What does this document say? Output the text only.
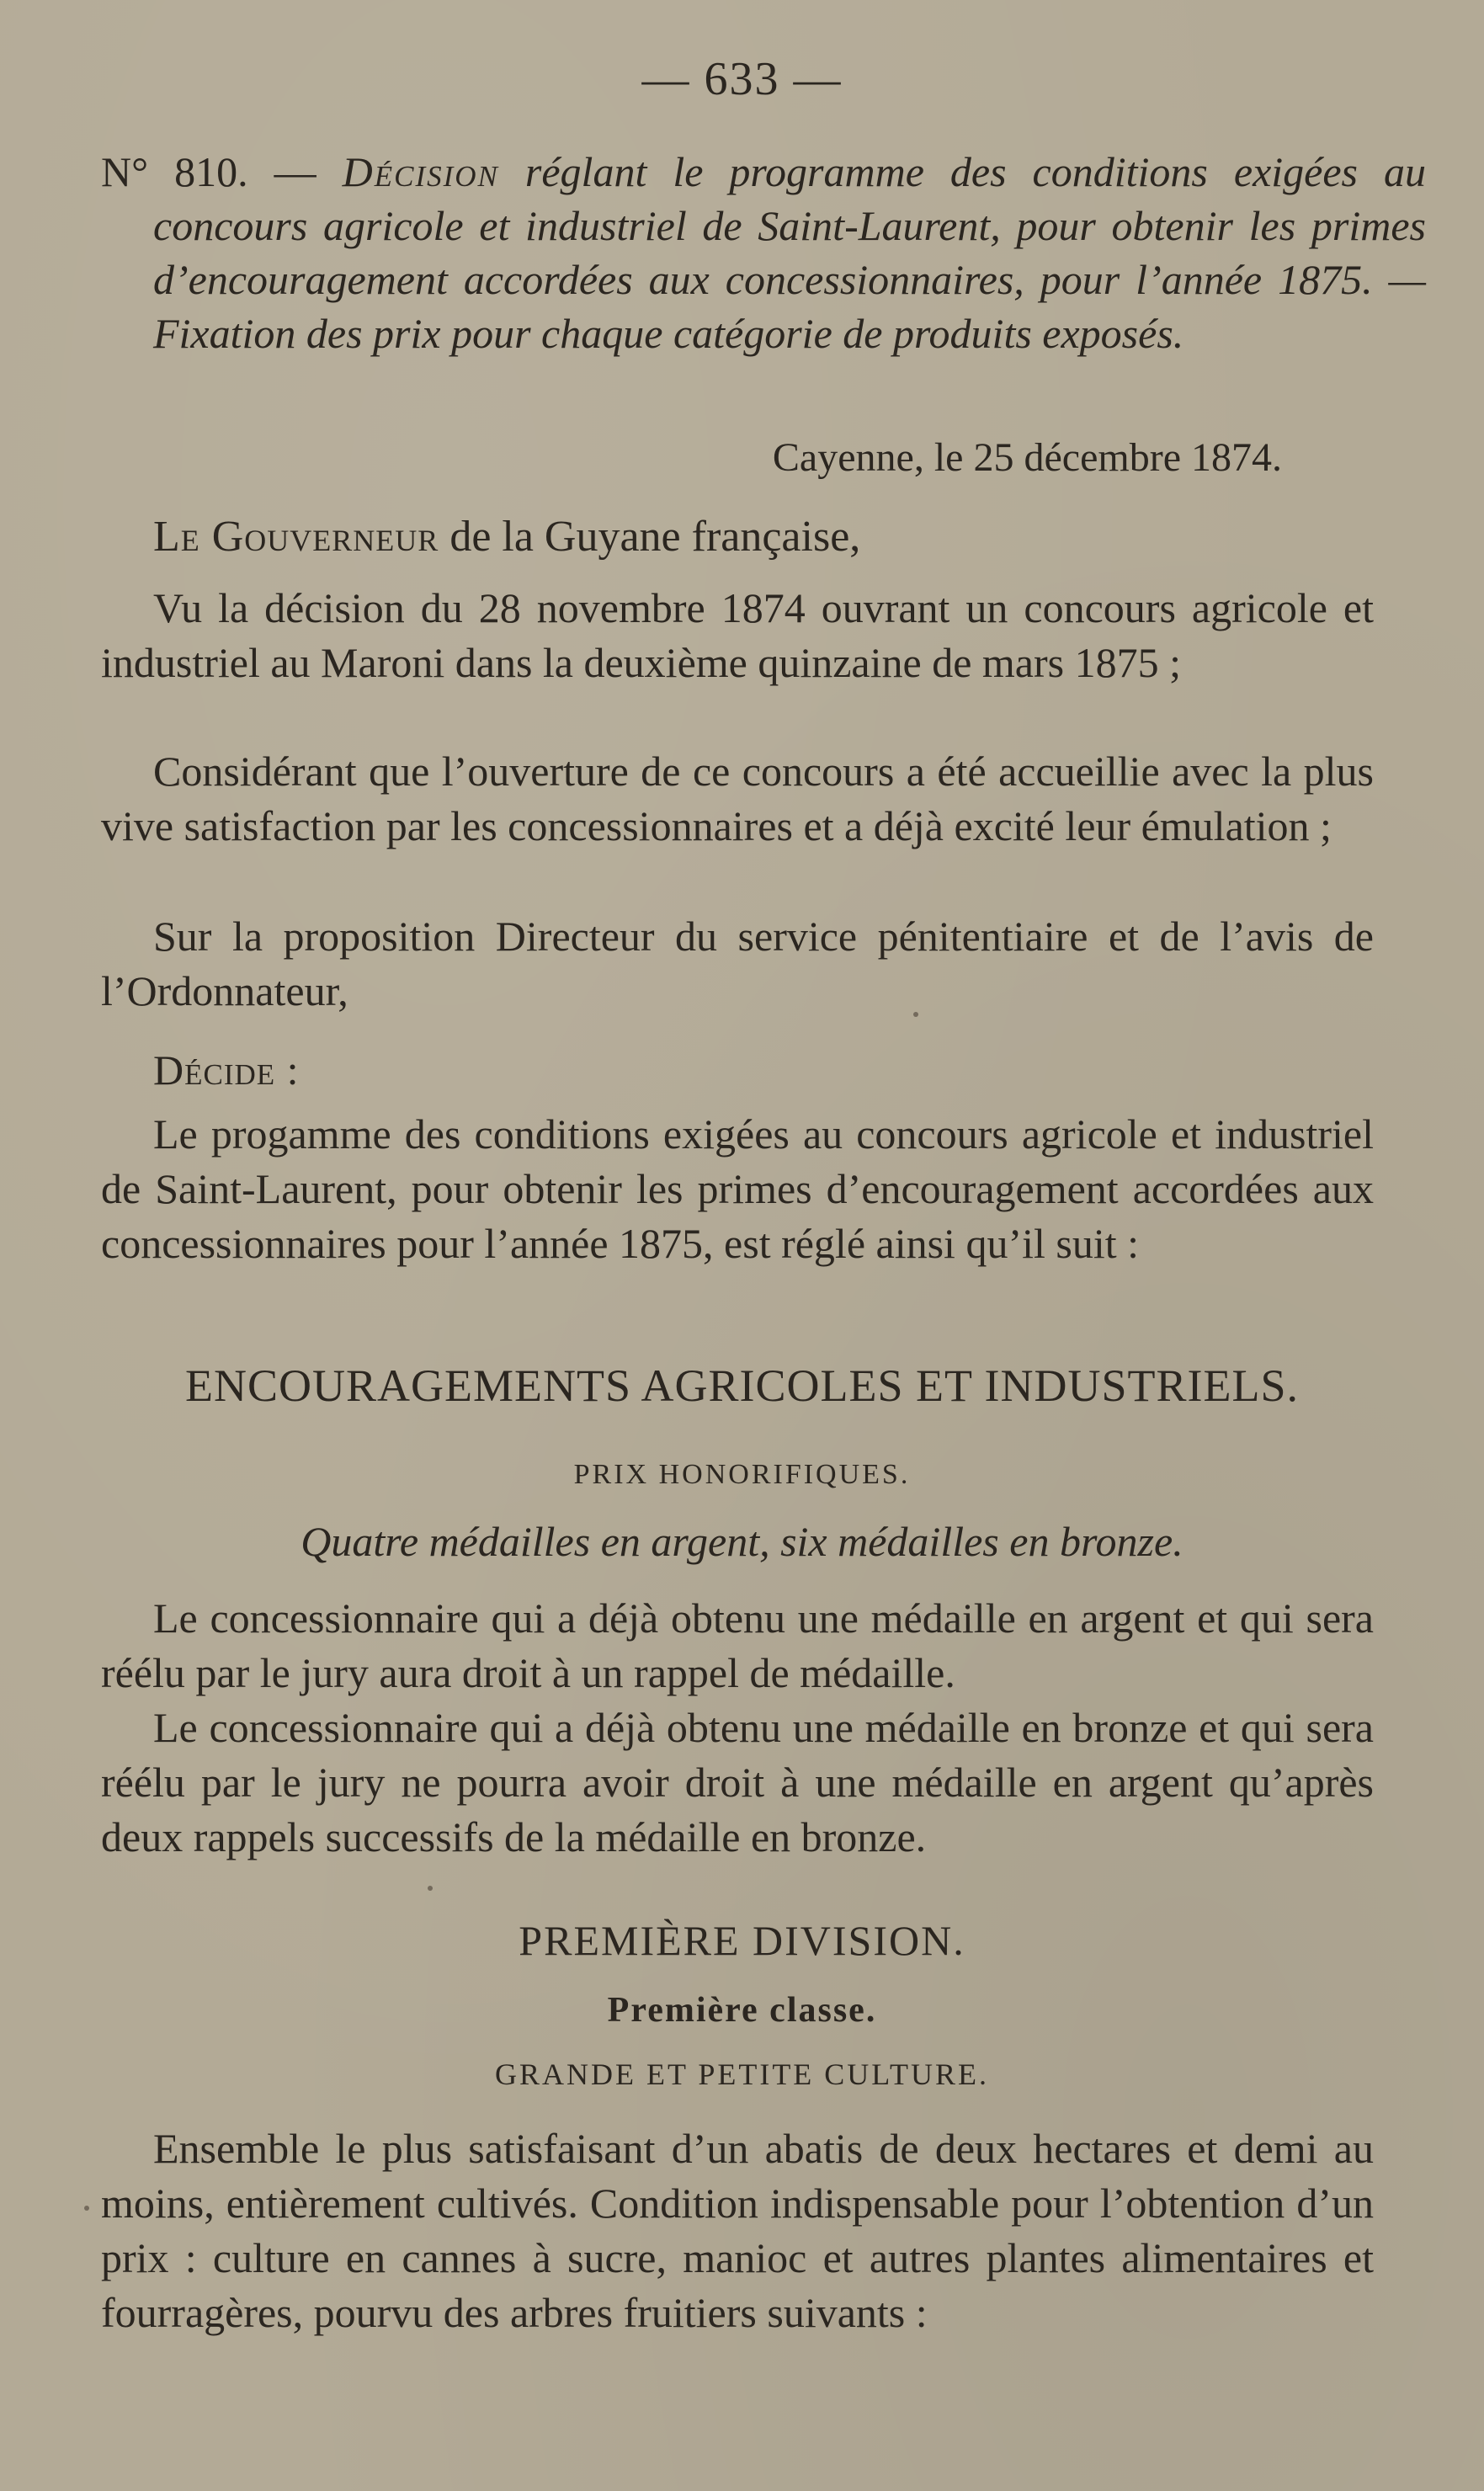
— 633 —
N° 810. — Décision réglant le programme des conditions exigées au concours agricole et industriel de Saint-Laurent, pour obtenir les primes d’encouragement accordées aux concessionnaires, pour l’année 1875. — Fixation des prix pour chaque catégorie de produits exposés.
Cayenne, le 25 décembre 1874.
Le Gouverneur de la Guyane française,

Vu la décision du 28 novembre 1874 ouvrant un concours agricole et industriel au Maroni dans la deuxième quinzaine de mars 1875 ;

Considérant que l’ouverture de ce concours a été accueillie avec la plus vive satisfaction par les concessionnaires et a déjà excité leur émulation ;

Sur la proposition Directeur du service pénitentiaire et de l’avis de l’Ordonnateur,

Décide :

Le progamme des conditions exigées au concours agricole et industriel de Saint-Laurent, pour obtenir les primes d’encouragement accordées aux concessionnaires pour l’année 1875, est réglé ainsi qu’il suit :

ENCOURAGEMENTS AGRICOLES ET INDUSTRIELS.
PRIX HONORIFIQUES.
Quatre médailles en argent, six médailles en bronze.

Le concessionnaire qui a déjà obtenu une médaille en argent et qui sera réélu par le jury aura droit à un rappel de médaille.

Le concessionnaire qui a déjà obtenu une médaille en bronze et qui sera réélu par le jury ne pourra avoir droit à une médaille en argent qu’après deux rappels successifs de la médaille en bronze.

PREMIÈRE DIVISION.
Première classe.
GRANDE ET PETITE CULTURE.

Ensemble le plus satisfaisant d’un abatis de deux hectares et demi au moins, entièrement cultivés. Condition indispensable pour l’obtention d’un prix : culture en cannes à sucre, manioc et autres plantes alimentaires et fourragères, pourvu des arbres fruitiers suivants :
